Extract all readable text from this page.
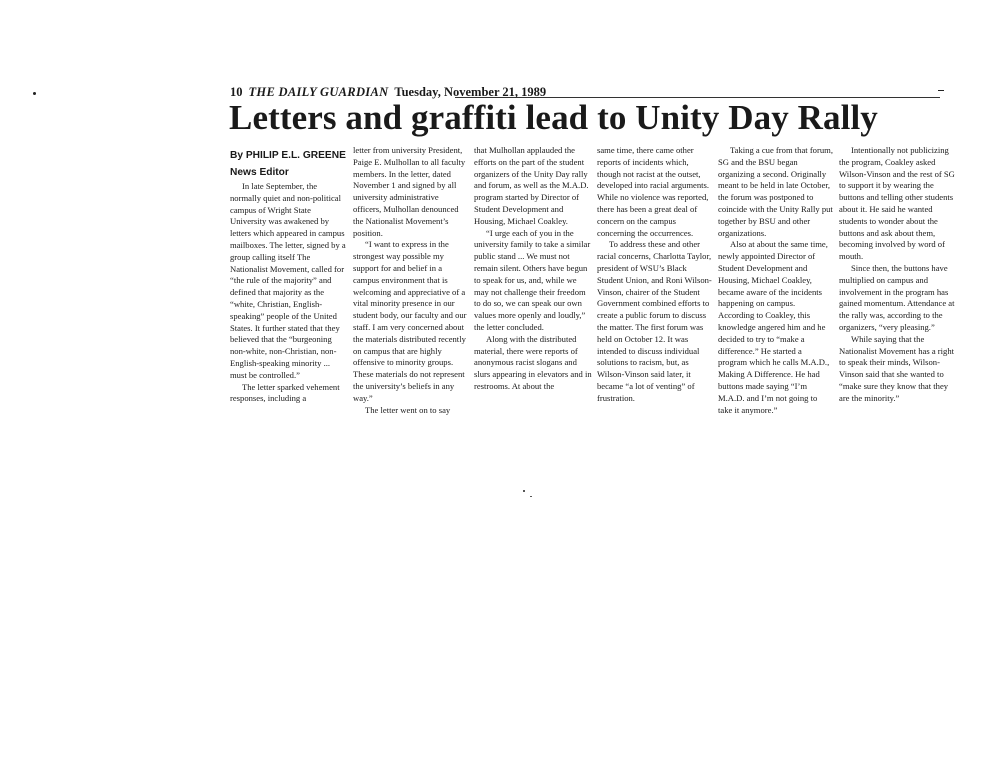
10 THE DAILY GUARDIAN Tuesday, November 21, 1989
Letters and graffiti lead to Unity Day Rally
By PHILIP E.L. GREENE
News Editor

In late September, the normally quiet and non-political campus of Wright State University was awakened by letters which appeared in campus mailboxes. The letter, signed by a group calling itself The Nationalist Movement, called for “the rule of the majority” and defined that majority as the “white, Christian, English-speaking” people of the United States. It further stated that they believed that the “burgeoning non-white, non-Christian, non-English-speaking minority ... must be controlled.”

The letter sparked vehement responses, including a

letter from university President, Paige E. Mulhollan to all faculty members. In the letter, dated November 1 and signed by all university administrative officers, Mulhollan denounced the Nationalist Movement’s position.

“I want to express in the strongest way possible my support for and belief in a campus environment that is welcoming and appreciative of a vital minority presence in our student body, our faculty and our staff. I am very concerned about the materials distributed recently on campus that are highly offensive to minority groups. These materials do not represent the university’s beliefs in any way.”

The letter went on to say

that Mulhollan applauded the efforts on the part of the student organizers of the Unity Day rally and forum, as well as the M.A.D. program started by Director of Student Development and Housing, Michael Coakley.

“I urge each of you in the university family to take a similar public stand ... We must not remain silent. Others have begun to speak for us, and, while we may not challenge their freedom to do so, we can speak our own values more openly and loudly,” the letter concluded.

Along with the distributed material, there were reports of anonymous racist slogans and slurs appearing in elevators and in restrooms. At about the

same time, there came other reports of incidents which, though not racist at the outset, developed into racial arguments. While no violence was reported, there has been a great deal of concern on the campus concerning the occurrences.

To address these and other racial concerns, Charlotta Taylor, president of WSU’s Black Student Union, and Roni Wilson-Vinson, chairer of the Student Government combined efforts to create a public forum to discuss the matter. The first forum was held on October 12. It was intended to discuss individual solutions to racism, but, as Wilson-Vinson said later, it became “a lot of venting” of frustration.

Taking a cue from that forum, SG and the BSU began organizing a second. Originally meant to be held in late October, the forum was postponed to coincide with the Unity Rally put together by BSU and other organizations.

Also at about the same time, newly appointed Director of Student Development and Housing, Michael Coakley, became aware of the incidents happening on campus. According to Coakley, this knowledge angered him and he decided to try to “make a difference.” He started a program which he calls M.A.D., Making A Difference. He had buttons made saying “I’m M.A.D. and I’m not going to take it anymore.”

Intentionally not publicizing the program, Coakley asked Wilson-Vinson and the rest of SG to support it by wearing the buttons and telling other students about it. He said he wanted students to wonder about the buttons and ask about them, becoming involved by word of mouth.

Since then, the buttons have multiplied on campus and involvement in the program has gained momentum. Attendance at the rally was, according to the organizers, “very pleasing.”

While saying that the Nationalist Movement has a right to speak their minds, Wilson-Vinson said that she wanted to “make sure they know that they are the minority.”
